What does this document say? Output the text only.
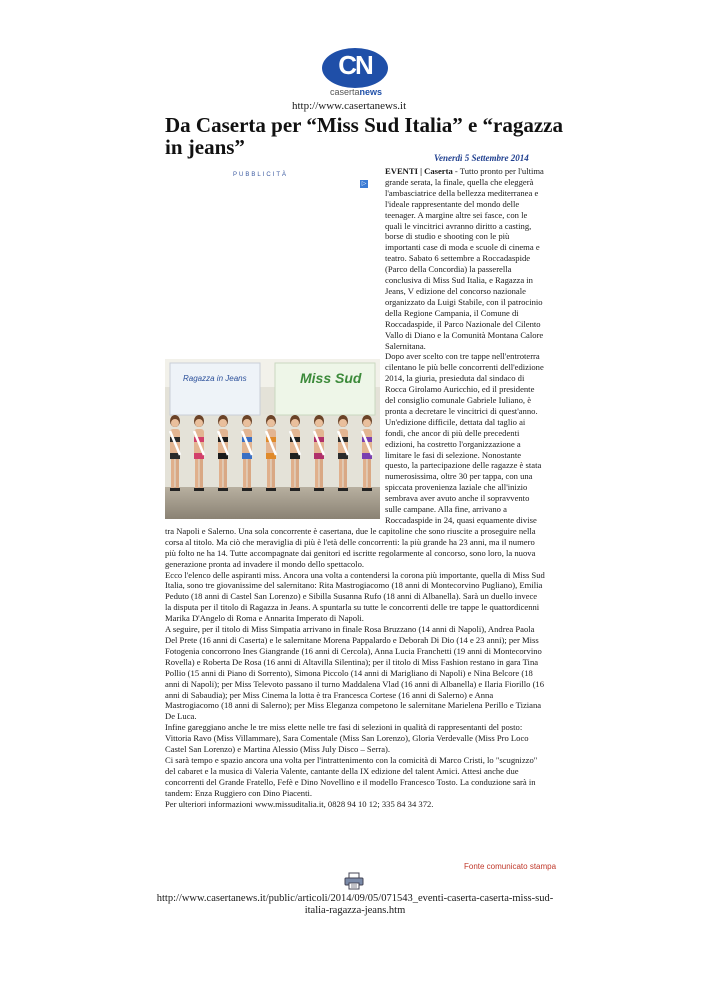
CN
casertanews
http://www.casertanews.it
Da Caserta per “Miss Sud Italia” e “ragazza in jeans”	Venerdì 5 Settembre 2014
PUBBLICITÀ
▷
Ragazza in Jeans	Miss Sud

EVENTI | Caserta - Tutto pronto per l'ultima grande serata, la finale, quella che eleggerà l'ambasciatrice della bellezza mediterranea e l'ideale rappresentante del mondo delle teenager. A margine altre sei fasce, con le quali le vincitrici avranno diritto a casting, borse di studio e shooting con le più importanti case di moda e scuole di cinema e teatro. Sabato 6 settembre a Roccadaspide (Parco della Concordia) la passerella conclusiva di Miss Sud Italia, e Ragazza in Jeans, V edizione del concorso nazionale organizzato da Luigi Stabile, con il patrocinio della Regione Campania, il Comune di Roccadaspide, il Parco Nazionale del Cilento Vallo di Diano e la Comunità Montana Calore Salernitana.

Dopo aver scelto con tre tappe nell'entroterra cilentano le più belle concorrenti dell'edizione 2014, la giuria, presieduta dal sindaco di Rocca Girolamo Auricchio, ed il presidente del consiglio comunale Gabriele Iuliano, è pronta a decretare le vincitrici di quest'anno. Un'edizione difficile, dettata dal taglio ai fondi, che ancor di più delle precedenti edizioni, ha costretto l'organizzazione a limitare le fasi di selezione. Nonostante questo, la partecipazione delle ragazze è stata numerosissima, oltre 30 per tappa, con una spiccata provenienza laziale che all'inizio sembrava aver avuto anche il sopravvento sulle campane. Alla fine, arrivano a Roccadaspide in 24, quasi equamente divise tra Napoli e Salerno. Una sola concorrente è casertana, due le capitoline che sono riuscite a proseguire nella corsa al titolo. Ma ciò che meraviglia di più è l'età delle concorrenti: la più grande ha 23 anni, ma il numero più folto ne ha 14. Tutte accompagnate dai genitori ed iscritte regolarmente al concorso, sono loro, la nuova generazione pronta ad invadere il mondo dello spettacolo.

Ecco l'elenco delle aspiranti miss. Ancora una volta a contendersi la corona più importante, quella di Miss Sud Italia, sono tre giovanissime del salernitano: Rita Mastrogiacomo (18 anni di Montecorvino Pugliano), Emilia Peduto (18 anni di Castel San Lorenzo) e Sibilla Susanna Rufo (18 anni di Albanella). Sarà un duello invece la disputa per il titolo di Ragazza in Jeans. A spuntarla su tutte le concorrenti delle tre tappe le quattordicenni Marika D'Angelo di Roma e Annarita Imperato di Napoli.

A seguire, per il titolo di Miss Simpatia arrivano in finale Rosa Bruzzano (14 anni di Napoli), Andrea Paola Del Prete (16 anni di Caserta) e le salernitane Morena Pappalardo e Deborah Di Dio (14 e 23 anni); per Miss Fotogenia concorrono Ines Giangrande (16 anni di Cercola), Anna Lucia Franchetti (19 anni di Montecorvino Rovella) e Roberta De Rosa (16 anni di Altavilla Silentina); per il titolo di Miss Fashion restano in gara Tina Pollio (15 anni di Piano di Sorrento), Simona Piccolo (14 anni di Marigliano di Napoli) e Nina Belcore (18 anni di Napoli); per Miss Televoto passano il turno Maddalena Vlad (16 anni di Albanella) e Ilaria Fiorillo (16 anni di Sabaudia); per Miss Cinema la lotta è tra Francesca Cortese (16 anni di Salerno) e Anna Mastrogiacomo (18 anni di Salerno); per Miss Eleganza competono le salernitane Marielena Perillo e Tiziana De Luca.

Infine gareggiano anche le tre miss elette nelle tre fasi di selezioni in qualità di rappresentanti del posto: Vittoria Ravo (Miss Villammare), Sara Comentale (Miss San Lorenzo), Gloria Verdevalle (Miss Pro Loco Castel San Lorenzo) e Martina Alessio (Miss July Disco – Serra).

Ci sarà tempo e spazio ancora una volta per l'intrattenimento con la comicità di Marco Cristi, lo "scugnizzo" del cabaret e la musica di Valeria Valente, cantante della IX edizione del talent Amici. Attesi anche due concorrenti del Grande Fratello, Fefè e Dino Novellino e il modello Francesco Tosto. La conduzione sarà in tandem: Enza Ruggiero con Dino Piacenti.

Per ulteriori informazioni www.missuditalia.it, 0828 94 10 12; 335 84 34 372.

Fonte comunicato stampa
http://www.casertanews.it/public/articoli/2014/09/05/071543_eventi-caserta-caserta-miss-sud-italia-ragazza-jeans.htm
